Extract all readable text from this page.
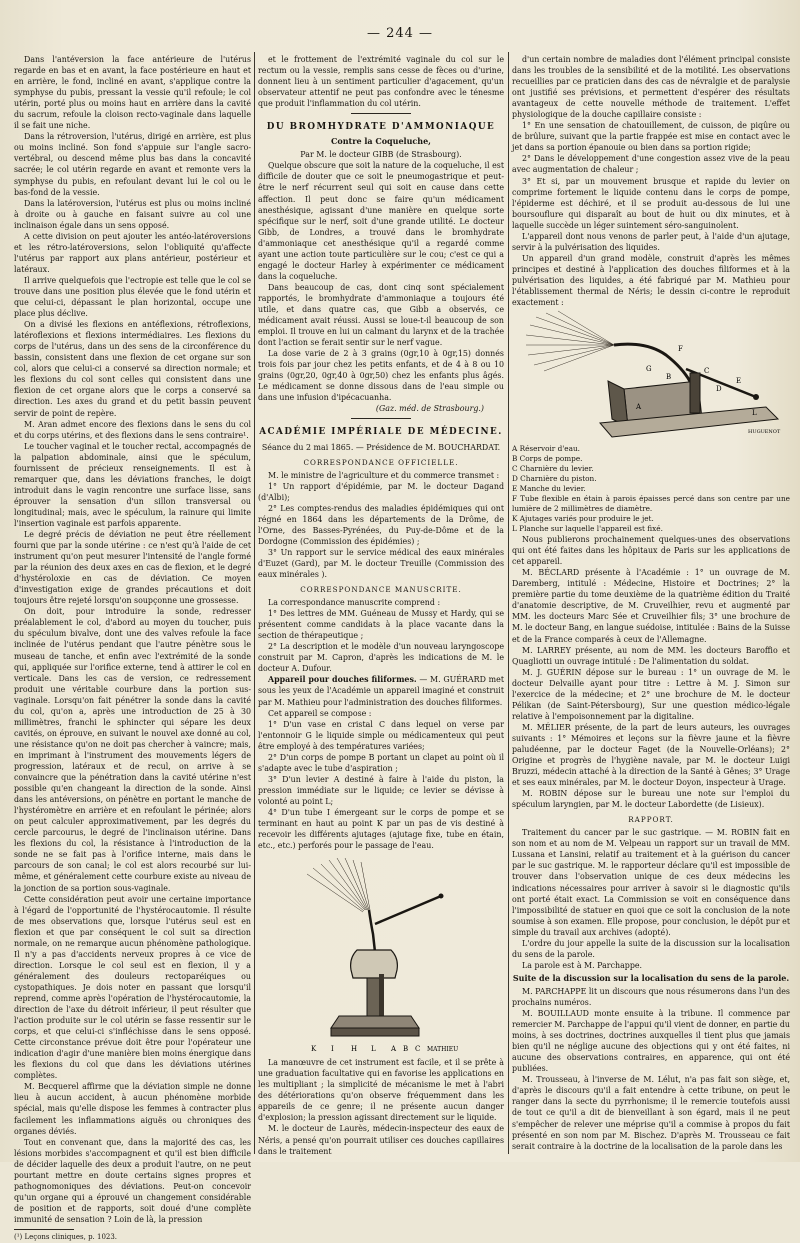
— 244 —

Dans l'antéversion la face antérieure de l'utérus regarde en bas et en avant, la face postérieure en haut et en arrière, le fond, incliné en avant, s'applique contre la symphyse du pubis, pressant la vessie qu'il refoule; le col utérin, porté plus ou moins haut en arrière dans la cavité du sacrum, refoule la cloison recto-vaginale dans laquelle il se fait une niche.

Dans la rétroversion, l'utérus, dirigé en arrière, est plus ou moins incliné. Son fond s'appuie sur l'angle sacro-vertébral, ou descend même plus bas dans la concavité sacrée; le col utérin regarde en avant et remonte vers la symphyse du pubis, en refoulant devant lui le col ou le bas-fond de la vessie.

Dans la latéroversion, l'utérus est plus ou moins incliné à droite ou à gauche en faisant suivre au col une inclinaison égale dans un sens opposé.

A cette division on peut ajouter les antéo-latéroversions et les rétro-latéroversions, selon l'obliquité qu'affecte l'utérus par rapport aux plans antérieur, postérieur et latéraux.

Il arrive quelquefois que l'ectropie est telle que le col se trouve dans une position plus élevée que le fond utérin et que celui-ci, dépassant le plan horizontal, occupe une place plus déclive.

On a divisé les flexions en antéflexions, rétroflexions, latéroflexions et flexions intermédiaires. Les flexions du corps de l'utérus, dans un des sens de la circonférence du bassin, consistent dans une flexion de cet organe sur son col, alors que celui-ci a conservé sa direction normale; et les flexions du col sont celles qui consistent dans une flexion de cet organe alors que le corps a conservé sa direction. Les axes du grand et du petit bassin peuvent servir de point de repère.

M. Aran admet encore des flexions dans le sens du col et du corps utérins, et des flexions dans le sens contraire¹.

Le toucher vaginal et le toucher rectal, accompagnés de la palpation abdominale, ainsi que le spéculum, fournissent de précieux renseignements. Il est à remarquer que, dans les déviations franches, le doigt introduit dans le vagin rencontre une surface lisse, sans éprouver la sensation d'un sillon transversal ou longitudinal; mais, avec le spéculum, la rainure qui limite l'insertion vaginale est parfois apparente.

Le degré précis de déviation ne peut être réellement fourni que par la sonde utérine : ce n'est qu'à l'aide de cet instrument qu'on peut mesurer l'intensité de l'angle formé par la réunion des deux axes en cas de flexion, et le degré d'hystéroloxie en cas de déviation. Ce moyen d'investigation exige de grandes précautions et doit toujours être rejeté lorsqu'on soupçonne une grossesse.

On doit, pour introduire la sonde, redresser préalablement le col, d'abord au moyen du toucher, puis du spéculum bivalve, dont une des valves refoule la face inclinée de l'utérus pendant que l'autre pénètre sous le museau de tanche, et enfin avec l'extrémité de la sonde qui, appliquée sur l'orifice externe, tend à attirer le col en verticale. Dans les cas de version, ce redressement produit une véritable courbure dans la portion sus-vaginale. Lorsqu'on fait pénétrer la sonde dans la cavité du col, qu'on a, après une introduction de 25 à 30 millimètres, franchi le sphincter qui sépare les deux cavités, on éprouve, en suivant le nouvel axe donné au col, une résistance qu'on ne doit pas chercher à vaincre; mais, en imprimant à l'instrument des mouvements légers de progression, latéraux et de recul, on arrive à se convaincre que la pénétration dans la cavité utérine n'est possible qu'en changeant la direction de la sonde. Ainsi dans les antéversions, on pénètre en portant le manche de l'hystéromètre en arrière et en refoulant le périnée; alors on peut calculer approximativement, par les degrés du cercle parcourus, le degré de l'inclinaison utérine. Dans les flexions du col, la résistance à l'introduction de la sonde ne se fait pas à l'orifice interne, mais dans le parcours de son canal; le col est alors recourbé sur lui-même, et généralement cette courbure existe au niveau de la jonction de sa portion sous-vaginale.

Cette considération peut avoir une certaine importance à l'égard de l'opportunité de l'hystérocautomie. Il résulte de mes observations que, lorsque l'utérus seul est en flexion et que par conséquent le col suit sa direction normale, on ne remarque aucun phénomène pathologique. Il n'y a pas d'accidents nerveux propres à ce vice de direction. Lorsque le col seul est en flexion, il y a généralement des douleurs rectoparéiques ou cystopathiques. Je dois noter en passant que lorsqu'il reprend, comme après l'opération de l'hystérocautomie, la direction de l'axe du détroit inférieur, il peut résulter que l'action produite sur le col utérin se fasse ressentir sur le corps, et que celui-ci s'infléchisse dans le sens opposé. Cette circonstance prévue doit être pour l'opérateur une indication d'agir d'une manière bien moins énergique dans les flexions du col que dans les déviations utérines complètes.

M. Becquerel affirme que la déviation simple ne donne lieu à aucun accident, à aucun phénomène morbide spécial, mais qu'elle dispose les femmes à contracter plus facilement les inflammations aiguës ou chroniques des organes déviés.

Tout en convenant que, dans la majorité des cas, les lésions morbides s'accompagnent et qu'il est bien difficile de décider laquelle des deux a produit l'autre, on ne peut pourtant mettre en doute certains signes propres et pathognomoniques des déviations. Peut-on concevoir qu'un organe qui a éprouvé un changement considérable de position et de rapports, soit doué d'une complète immunité de sensation ? Loin de là, la pression

(¹) Leçons cliniques, p. 1023.

et le frottement de l'extrémité vaginale du col sur le rectum ou la vessie, remplis sans cesse de fèces ou d'urine, donnent lieu à un sentiment particulier d'agacement, qu'un observateur attentif ne peut pas confondre avec le ténesme que produit l'inflammation du col utérin.

DU BROMHYDRATE D'AMMONIAQUE

Contre la Coqueluche,

Par M. le docteur GIBB (de Strasbourg).

Quelque obscure que soit la nature de la coqueluche, il est difficile de douter que ce soit le pneumogastrique et peut-être le nerf récurrent seul qui soit en cause dans cette affection. Il peut donc se faire qu'un médicament anesthésique, agissant d'une manière en quelque sorte spécifique sur le nerf, soit d'une grande utilité. Le docteur Gibb, de Londres, a trouvé dans le bromhydrate d'ammoniaque cet anesthésique qu'il a regardé comme ayant une action toute particulière sur le cou; c'est ce qui a engagé le docteur Harley à expérimenter ce médicament dans la coqueluche.

Dans beaucoup de cas, dont cinq sont spécialement rapportés, le bromhydrate d'ammoniaque a toujours été utile, et dans quatre cas, que Gibb a observés, ce médicament avait réussi. Aussi se loue-t-il beaucoup de son emploi. Il trouve en lui un calmant du larynx et de la trachée dont l'action se ferait sentir sur le nerf vague.

La dose varie de 2 à 3 grains (0gr,10 à 0gr,15) donnés trois fois par jour chez les petits enfants, et de 4 à 8 ou 10 grains (0gr,20, 0gr,40 à 0gr,50) chez les enfants plus âgés. Le médicament se donne dissous dans de l'eau simple ou dans une infusion d'ipécacuanha.

(Gaz. méd. de Strasbourg.)

ACADÉMIE IMPÉRIALE DE MÉDECINE.

Séance du 2 mai 1865. — Présidence de M. BOUCHARDAT.

CORRESPONDANCE OFFICIELLE.

M. le ministre de l'agriculture et du commerce transmet :

1° Un rapport d'épidémie, par M. le docteur Dagand (d'Albi);

2° Les comptes-rendus des maladies épidémiques qui ont régné en 1864 dans les départements de la Drôme, de l'Orne, des Basses-Pyrénées, du Puy-de-Dôme et de la Dordogne (Commission des épidémies) ;

3° Un rapport sur le service médical des eaux minérales d'Euzet (Gard), par M. le docteur Treuille (Commission des eaux minérales ).

CORRESPONDANCE MANUSCRITE.

La correspondance manuscrite comprend :

1° Des lettres de MM. Guéneau de Mussy et Hardy, qui se présentent comme candidats à la place vacante dans la section de thérapeutique ;

2° La description et le modèle d'un nouveau laryngoscope construit par M. Capron, d'après les indications de M. le docteur A. Dufour.

Appareil pour douches filiformes. — M. GUÉRARD met sous les yeux de l'Académie un appareil imaginé et construit par M. Mathieu pour l'administration des douches filiformes.

Cet appareil se compose :

1° D'un vase en cristal C dans lequel on verse par l'entonnoir G le liquide simple ou médicamenteux qui peut être employé à des températures variées;

2° D'un corps de pompe B portant un clapet au point où il s'adapte avec le tube d'aspiration ;

3° D'un levier A destiné à faire à l'aide du piston, la pression immédiate sur le liquide; ce levier se dévisse à volonté au point L;

4° D'un tube I émergeant sur le corps de pompe et se terminant en haut au point K par un pas de vis destiné à recevoir les différents ajutages (ajutage fixe, tube en étain, etc., etc.) perforés pour le passage de l'eau.

K I H L A B C MATHIEU

La manœuvre de cet instrument est facile, et il se prête à une graduation facultative qui en favorise les applications en les multipliant ; la simplicité de mécanisme le met à l'abri des détériorations qu'on observe fréquemment dans les appareils de ce genre; il ne présente aucun danger d'explosion; la pression agissant directement sur le liquide.

M. le docteur de Laurès, médecin-inspecteur des eaux de Néris, a pensé qu'on pourrait utiliser ces douches capillaires dans le traitement

d'un certain nombre de maladies dont l'élément principal consiste dans les troubles de la sensibilité et de la motilité. Les observations recueillies par ce praticien dans des cas de névralgie et de paralysie ont justifié ses prévisions, et permettent d'espérer des résultats avantageux de cette nouvelle méthode de traitement. L'effet physiologique de la douche capillaire consiste :

1° En une sensation de chatouillement, de cuisson, de piqûre ou de brûlure, suivant que la partie frappée est mise en contact avec le jet dans sa portion épanouie ou bien dans sa portion rigide;

2° Dans le développement d'une congestion assez vive de la peau avec augmentation de chaleur ;

3° Et si, par un mouvement brusque et rapide du levier on comprime fortement le liquide contenu dans le corps de pompe, l'épiderme est déchiré, et il se produit au-dessous de lui une boursouflure qui disparaît au bout de huit ou dix minutes, et à laquelle succède un léger suintement séro-sanguinolent.

L'appareil dont nous venons de parler peut, à l'aide d'un ajutage, servir à la pulvérisation des liquides.

Un appareil d'un grand modèle, construit d'après les mêmes principes et destiné à l'application des douches filiformes et à la pulvérisation des liquides, a été fabriqué par M. Mathieu pour l'établissement thermal de Néris; le dessin ci-contre le reproduit exactement :

G
B
A
E
C
D
L
F
HUGUENOT

A Réservoir d'eau.

B Corps de pompe.

C Charnière du levier.

D Charnière du piston.

E Manche du levier.

F Tube flexible en étain à parois épaisses percé dans son centre par une lumière de 2 millimètres de diamètre.

K Ajutages variés pour produire le jet.

L Planche sur laquelle l'appareil est fixé.

Nous publierons prochainement quelques-unes des observations qui ont été faites dans les hôpitaux de Paris sur les applications de cet appareil.

M. BÉCLARD présente à l'Académie : 1° un ouvrage de M. Daremberg, intitulé : Médecine, Histoire et Doctrines; 2° la première partie du tome deuxième de la quatrième édition du Traité d'anatomie descriptive, de M. Cruveilhier, revu et augmenté par MM. les docteurs Marc Sée et Cruveilhier fils; 3° une brochure de M. le docteur Bang, en langue suédoise, intitulée : Bains de la Suisse et de la France comparés à ceux de l'Allemagne.

M. LARREY présente, au nom de MM. les docteurs Baroffio et Quagliotti un ouvrage intitulé : De l'alimentation du soldat.

M. J. GUÉRIN dépose sur le bureau : 1° un ouvrage de M. le docteur Delvaille ayant pour titre : Lettre à M. J. Simon sur l'exercice de la médecine; et 2° une brochure de M. le docteur Pélikan (de Saint-Pétersbourg), Sur une question médico-légale relative à l'empoisonnement par la digitaline.

M. MÉLIER présente, de la part de leurs auteurs, les ouvrages suivants : 1° Mémoires et leçons sur la fièvre jaune et la fièvre paludéenne, par le docteur Faget (de la Nouvelle-Orléans); 2° Origine et progrès de l'hygiène navale, par M. le docteur Luigi Bruzzi, médecin attaché à la direction de la Santé à Gênes; 3° Urage et ses eaux minérales, par M. le docteur Doyon, inspecteur à Urage.

M. ROBIN dépose sur le bureau une note sur l'emploi du spéculum laryngien, par M. le docteur Labordette (de Lisieux).

RAPPORT.

Traitement du cancer par le suc gastrique. — M. ROBIN fait en son nom et au nom de M. Velpeau un rapport sur un travail de MM. Lussana et Lansini, relatif au traitement et à la guérison du cancer par le suc gastrique. M. le rapporteur déclare qu'il est impossible de trouver dans l'observation unique de ces deux médecins les indications nécessaires pour arriver à savoir si le diagnostic qu'ils ont porté était exact. La Commission se voit en conséquence dans l'impossibilité de statuer en quoi que ce soit la conclusion de la note soumise à son examen. Elle propose, pour conclusion, le dépôt pur et simple du travail aux archives (adopté).

L'ordre du jour appelle la suite de la discussion sur la localisation du sens de la parole.

La parole est à M. Parchappe.

Suite de la discussion sur la localisation du sens de la parole.

M. PARCHAPPE lit un discours que nous résumerons dans l'un des prochains numéros.

M. BOUILLAUD monte ensuite à la tribune. Il commence par remercier M. Parchappe de l'appui qu'il vient de donner, en partie du moins, à ses doctrines, doctrines auxquelles il tient plus que jamais bien qu'il ne néglige aucune des objections qui y ont été faites, ni aucune des observations contraires, en apparence, qui ont été publiées.

M. Trousseau, à l'inverse de M. Lélut, n'a pas fait son siège, et, d'après le discours qu'il a fait entendre à cette tribune, on peut le ranger dans la secte du pyrrhonisme; il le remercie toutefois aussi de tout ce qu'il a dit de bienveillant à son égard, mais il ne peut s'empêcher de relever une méprise qu'il a commise à propos du fait présenté en son nom par M. Bischez. D'après M. Trousseau ce fait serait contraire à la doctrine de la localisation de la parole dans les
